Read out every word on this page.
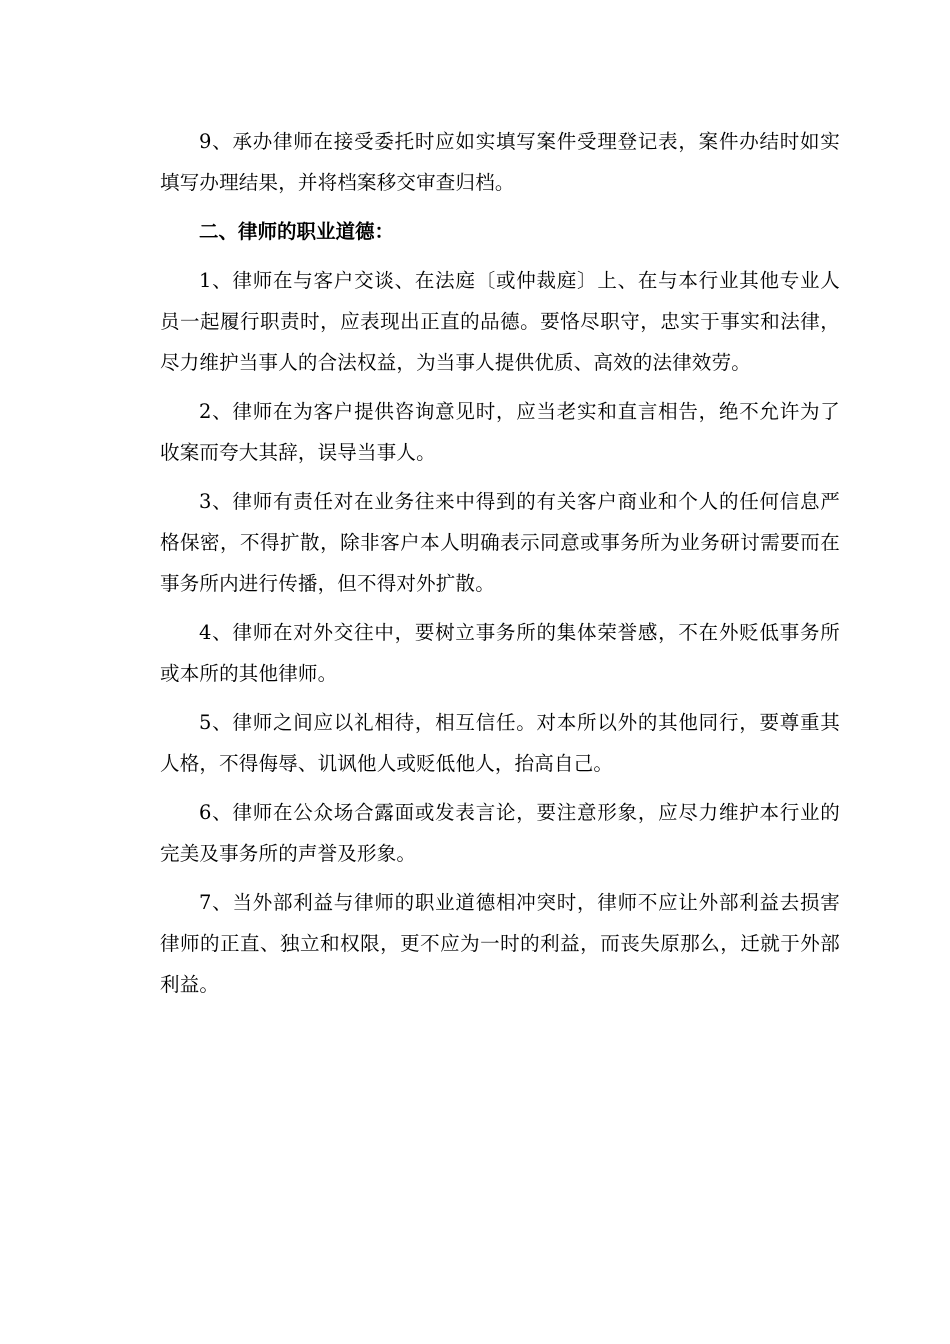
9、承办律师在接受委托时应如实填写案件受理登记表，案件办结时如实填写办理结果，并将档案移交审查归档。

二、律师的职业道德：

1、律师在与客户交谈、在法庭〔或仲裁庭〕上、在与本行业其他专业人员一起履行职责时，应表现出正直的品德。要恪尽职守，忠实于事实和法律，尽力维护当事人的合法权益，为当事人提供优质、高效的法律效劳。

2、律师在为客户提供咨询意见时，应当老实和直言相告，绝不允许为了收案而夸大其辞，误导当事人。

3、律师有责任对在业务往来中得到的有关客户商业和个人的任何信息严格保密，不得扩散，除非客户本人明确表示同意或事务所为业务研讨需要而在事务所内进行传播，但不得对外扩散。

4、律师在对外交往中，要树立事务所的集体荣誉感，不在外贬低事务所或本所的其他律师。

5、律师之间应以礼相待，相互信任。对本所以外的其他同行，要尊重其人格，不得侮辱、讥讽他人或贬低他人，抬高自己。

6、律师在公众场合露面或发表言论，要注意形象，应尽力维护本行业的完美及事务所的声誉及形象。

7、当外部利益与律师的职业道德相冲突时，律师不应让外部利益去损害律师的正直、独立和权限，更不应为一时的利益，而丧失原那么，迁就于外部利益。
